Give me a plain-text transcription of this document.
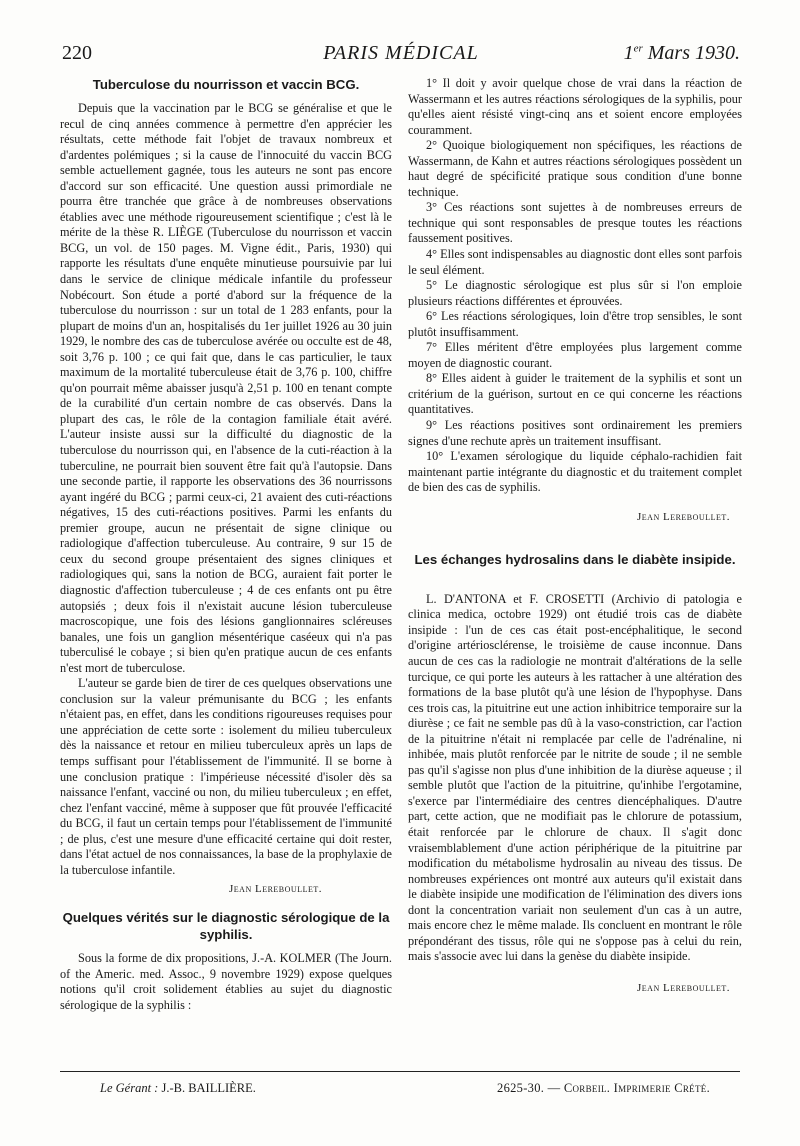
220	PARIS MÉDICAL	1er Mars 1930.
Tuberculose du nourrisson et vaccin BCG.

Depuis que la vaccination par le BCG se généralise et que le recul de cinq années commence à permettre d'en apprécier les résultats, cette méthode fait l'objet de travaux nombreux et d'ardentes polémiques ; si la cause de l'innocuité du vaccin BCG semble actuellement gagnée, tous les auteurs ne sont pas encore d'accord sur son efficacité. Une question aussi primordiale ne pourra être tranchée que grâce à de nombreuses observations établies avec une méthode rigoureusement scientifique ; c'est là le mérite de la thèse R. LIÈGE (Tuberculose du nourrisson et vaccin BCG, un vol. de 150 pages. M. Vigne édit., Paris, 1930) qui rapporte les résultats d'une enquête minutieuse poursuivie par lui dans le service de clinique médicale infantile du professeur Nobécourt. Son étude a porté d'abord sur la fréquence de la tuberculose du nourrisson : sur un total de 1 283 enfants, pour la plupart de moins d'un an, hospitalisés du 1er juillet 1926 au 30 juin 1929, le nombre des cas de tuberculose avérée ou occulte est de 48, soit 3,76 p. 100 ; ce qui fait que, dans le cas particulier, le taux maximum de la mortalité tuberculeuse était de 3,76 p. 100, chiffre qu'on pourrait même abaisser jusqu'à 2,51 p. 100 en tenant compte de la curabilité d'un certain nombre de cas observés. Dans la plupart des cas, le rôle de la contagion familiale était avéré. L'auteur insiste aussi sur la difficulté du diagnostic de la tuberculose du nourrisson qui, en l'absence de la cuti-réaction à la tuberculine, ne pourrait bien souvent être fait qu'à l'autopsie. Dans une seconde partie, il rapporte les observations des 36 nourrissons ayant ingéré du BCG ; parmi ceux-ci, 21 avaient des cuti-réactions négatives, 15 des cuti-réactions positives. Parmi les enfants du premier groupe, aucun ne présentait de signe clinique ou radiologique d'affection tuberculeuse. Au contraire, 9 sur 15 de ceux du second groupe présentaient des signes cliniques et radiologiques qui, sans la notion de BCG, auraient fait porter le diagnostic d'affection tuberculeuse ; 4 de ces enfants ont pu être autopsiés ; deux fois il n'existait aucune lésion tuberculeuse macroscopique, une fois des lésions ganglionnaires scléreuses banales, une fois un ganglion mésentérique caséeux qui n'a pas tuberculisé le cobaye ; si bien qu'en pratique aucun de ces enfants n'est mort de tuberculose.

L'auteur se garde bien de tirer de ces quelques observations une conclusion sur la valeur prémunisante du BCG ; les enfants n'étaient pas, en effet, dans les conditions rigoureuses requises pour une appréciation de cette sorte : isolement du milieu tuberculeux dès la naissance et retour en milieu tuberculeux après un laps de temps suffisant pour l'établissement de l'immunité. Il se borne à une conclusion pratique : l'impérieuse nécessité d'isoler dès sa naissance l'enfant, vacciné ou non, du milieu tuberculeux ; en effet, chez l'enfant vacciné, même à supposer que fût prouvée l'efficacité du BCG, il faut un certain temps pour l'établissement de l'immunité ; de plus, c'est une mesure d'une efficacité certaine qui doit rester, dans l'état actuel de nos connaissances, la base de la prophylaxie de la tuberculose infantile.

Jean Lereboullet.
Quelques vérités sur le diagnostic sérologique de la syphilis.

Sous la forme de dix propositions, J.-A. KOLMER (The Journ. of the Americ. med. Assoc., 9 novembre 1929) expose quelques notions qu'il croit solidement établies au sujet du diagnostic sérologique de la syphilis :

1° Il doit y avoir quelque chose de vrai dans la réaction de Wassermann et les autres réactions sérologiques de la syphilis, pour qu'elles aient résisté vingt-cinq ans et soient encore employées couramment.

2° Quoique biologiquement non spécifiques, les réactions de Wassermann, de Kahn et autres réactions sérologiques possèdent un haut degré de spécificité pratique sous condition d'une bonne technique.

3° Ces réactions sont sujettes à de nombreuses erreurs de technique qui sont responsables de presque toutes les réactions faussement positives.

4° Elles sont indispensables au diagnostic dont elles sont parfois le seul élément.

5° Le diagnostic sérologique est plus sûr si l'on emploie plusieurs réactions différentes et éprouvées.

6° Les réactions sérologiques, loin d'être trop sensibles, le sont plutôt insuffisamment.

7° Elles méritent d'être employées plus largement comme moyen de diagnostic courant.

8° Elles aident à guider le traitement de la syphilis et sont un critérium de la guérison, surtout en ce qui concerne les réactions quantitatives.

9° Les réactions positives sont ordinairement les premiers signes d'une rechute après un traitement insuffisant.

10° L'examen sérologique du liquide céphalo-rachidien fait maintenant partie intégrante du diagnostic et du traitement complet de bien des cas de syphilis.

Jean Lereboullet.
Les échanges hydrosalins dans le diabète insipide.

L. D'ANTONA et F. CROSETTI (Archivio di patologia e clinica medica, octobre 1929) ont étudié trois cas de diabète insipide : l'un de ces cas était post-encéphalitique, le second d'origine artériosclérense, le troisième de cause inconnue. Dans aucun de ces cas la radiologie ne montrait d'altérations de la selle turcique, ce qui porte les auteurs à les rattacher à une altération des formations de la base plutôt qu'à une lésion de l'hypophyse. Dans ces trois cas, la pituitrine eut une action inhibitrice temporaire sur la diurèse ; ce fait ne semble pas dû à la vaso-constriction, car l'action de la pituitrine n'était ni remplacée par celle de l'adrénaline, ni inhibée, mais plutôt renforcée par le nitrite de soude ; il ne semble pas qu'il s'agisse non plus d'une inhibition de la diurèse aqueuse ; il semble plutôt que l'action de la pituitrine, qu'inhibe l'ergotamine, s'exerce par l'intermédiaire des centres diencéphaliques. D'autre part, cette action, que ne modifiait pas le chlorure de potassium, était renforcée par le chlorure de chaux. Il s'agit donc vraisemblablement d'une action périphérique de la pituitrine par modification du métabolisme hydrosalin au niveau des tissus. De nombreuses expériences ont montré aux auteurs qu'il existait dans le diabète insipide une modification de l'élimination des divers ions dont la concentration variait non seulement d'un cas à un autre, mais encore chez le même malade. Ils concluent en montrant le rôle prépondérant des tissus, rôle qui ne s'oppose pas à celui du rein, mais s'associe avec lui dans la genèse du diabète insipide.

Jean Lereboullet.
Le Gérant : J.-B. BAILLIÈRE.	2625-30. — Corbeil. Imprimerie Crété.
